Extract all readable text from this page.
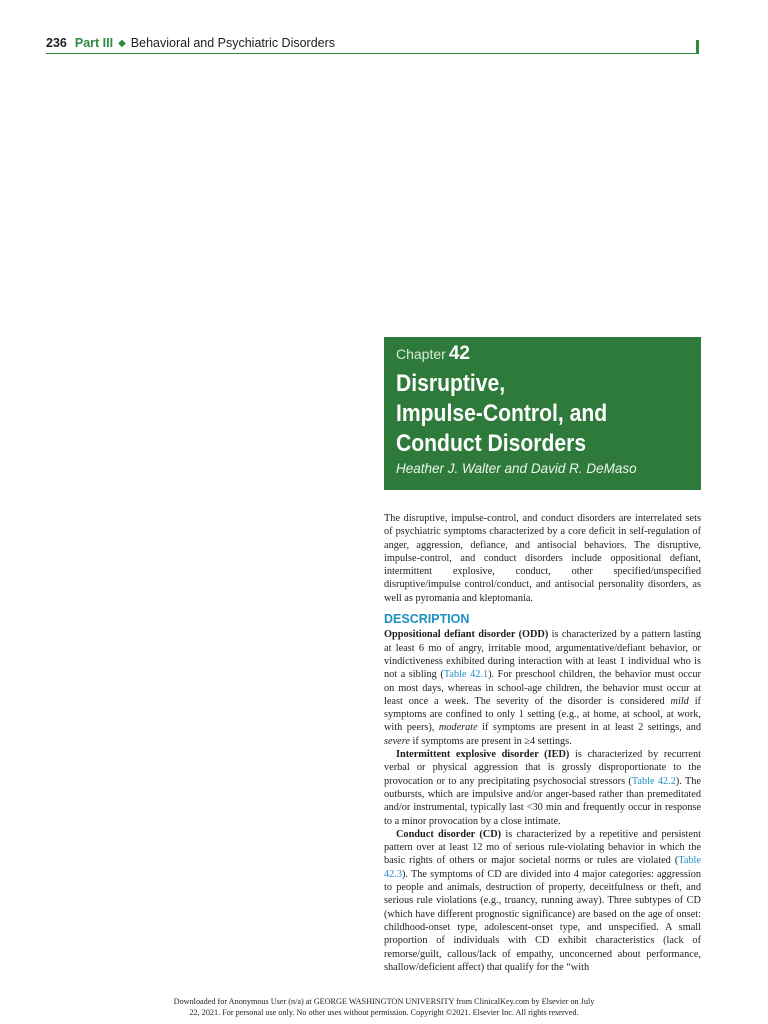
236 Part III ◆ Behavioral and Psychiatric Disorders
Chapter 42
Disruptive,
Impulse-Control, and
Conduct Disorders
Heather J. Walter and David R. DeMaso

The disruptive, impulse-control, and conduct disorders are interrelated sets of psychiatric symptoms characterized by a core deficit in self-regulation of anger, aggression, defiance, and antisocial behaviors. The disruptive, impulse-control, and conduct disorders include oppositional defiant, intermittent explosive, conduct, other specified/unspecified disruptive/impulse control/conduct, and antisocial personality disorders, as well as pyromania and kleptomania.

DESCRIPTION

Oppositional defiant disorder (ODD) is characterized by a pattern lasting at least 6 mo of angry, irritable mood, argumentative/defiant behavior, or vindictiveness exhibited during interaction with at least 1 individual who is not a sibling (Table 42.1). For preschool children, the behavior must occur on most days, whereas in school-age children, the behavior must occur at least once a week. The severity of the disorder is considered mild if symptoms are confined to only 1 setting (e.g., at home, at school, at work, with peers), moderate if symptoms are present in at least 2 settings, and severe if symptoms are present in ≥4 settings.

Intermittent explosive disorder (IED) is characterized by recurrent verbal or physical aggression that is grossly disproportionate to the provocation or to any precipitating psychosocial stressors (Table 42.2). The outbursts, which are impulsive and/or anger-based rather than premeditated and/or instrumental, typically last <30 min and frequently occur in response to a minor provocation by a close intimate.

Conduct disorder (CD) is characterized by a repetitive and persistent pattern over at least 12 mo of serious rule-violating behavior in which the basic rights of others or major societal norms or rules are violated (Table 42.3). The symptoms of CD are divided into 4 major categories: aggression to people and animals, destruction of property, deceitfulness or theft, and serious rule violations (e.g., truancy, running away). Three subtypes of CD (which have different prognostic significance) are based on the age of onset: childhood-onset type, adolescent-onset type, and unspecified. A small proportion of individuals with CD exhibit characteristics (lack of remorse/guilt, callous/lack of empathy, unconcerned about performance, shallow/deficient affect) that qualify for the “with

Downloaded for Anonymous User (n/a) at GEORGE WASHINGTON UNIVERSITY from ClinicalKey.com by Elsevier on July
22, 2021. For personal use only. No other uses without permission. Copyright ©2021. Elsevier Inc. All rights reserved.
